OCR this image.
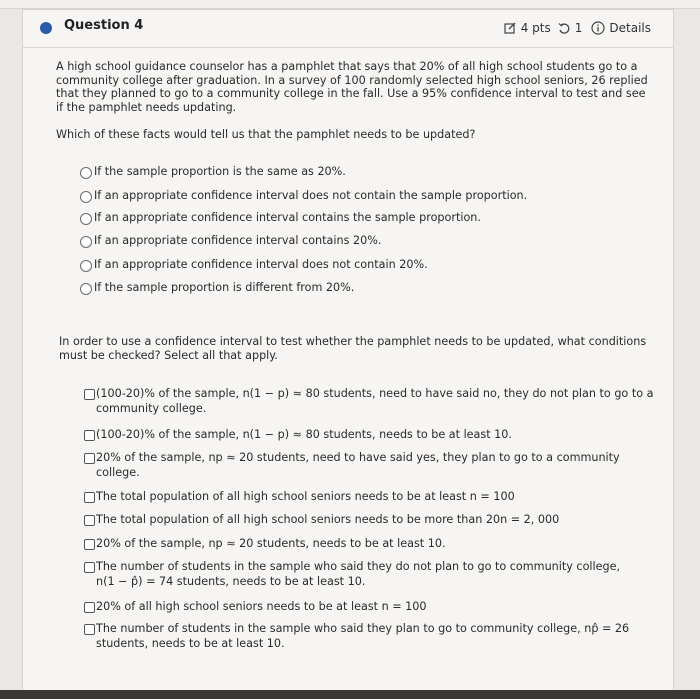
Question 4	4 pts 1 Details
A high school guidance counselor has a pamphlet that says that 20% of all high school students go to a community college after graduation. In a survey of 100 randomly selected high school seniors, 26 replied that they planned to go to a community college in the fall. Use a 95% confidence interval to test and see if the pamphlet needs updating.
Which of these facts would tell us that the pamphlet needs to be updated?
If the sample proportion is the same as 20%.
If an appropriate confidence interval does not contain the sample proportion.
If an appropriate confidence interval contains the sample proportion.
If an appropriate confidence interval contains 20%.
If an appropriate confidence interval does not contain 20%.
If the sample proportion is different from 20%.
In order to use a confidence interval to test whether the pamphlet needs to be updated, what conditions must be checked? Select all that apply.
(100-20)% of the sample, n(1 − p) ≈ 80 students, need to have said no, they do not plan to go to a
community college.
(100-20)% of the sample, n(1 − p) ≈ 80 students, needs to be at least 10.
20% of the sample, np ≈ 20 students, need to have said yes, they plan to go to a community
college.
The total population of all high school seniors needs to be at least n = 100
The total population of all high school seniors needs to be more than 20n = 2, 000
20% of the sample, np ≈ 20 students, needs to be at least 10.
The number of students in the sample who said they do not plan to go to community college,
n(1 − p̂) = 74 students, needs to be at least 10.
20% of all high school seniors needs to be at least n = 100
The number of students in the sample who said they plan to go to community college, np̂ = 26
students, needs to be at least 10.
